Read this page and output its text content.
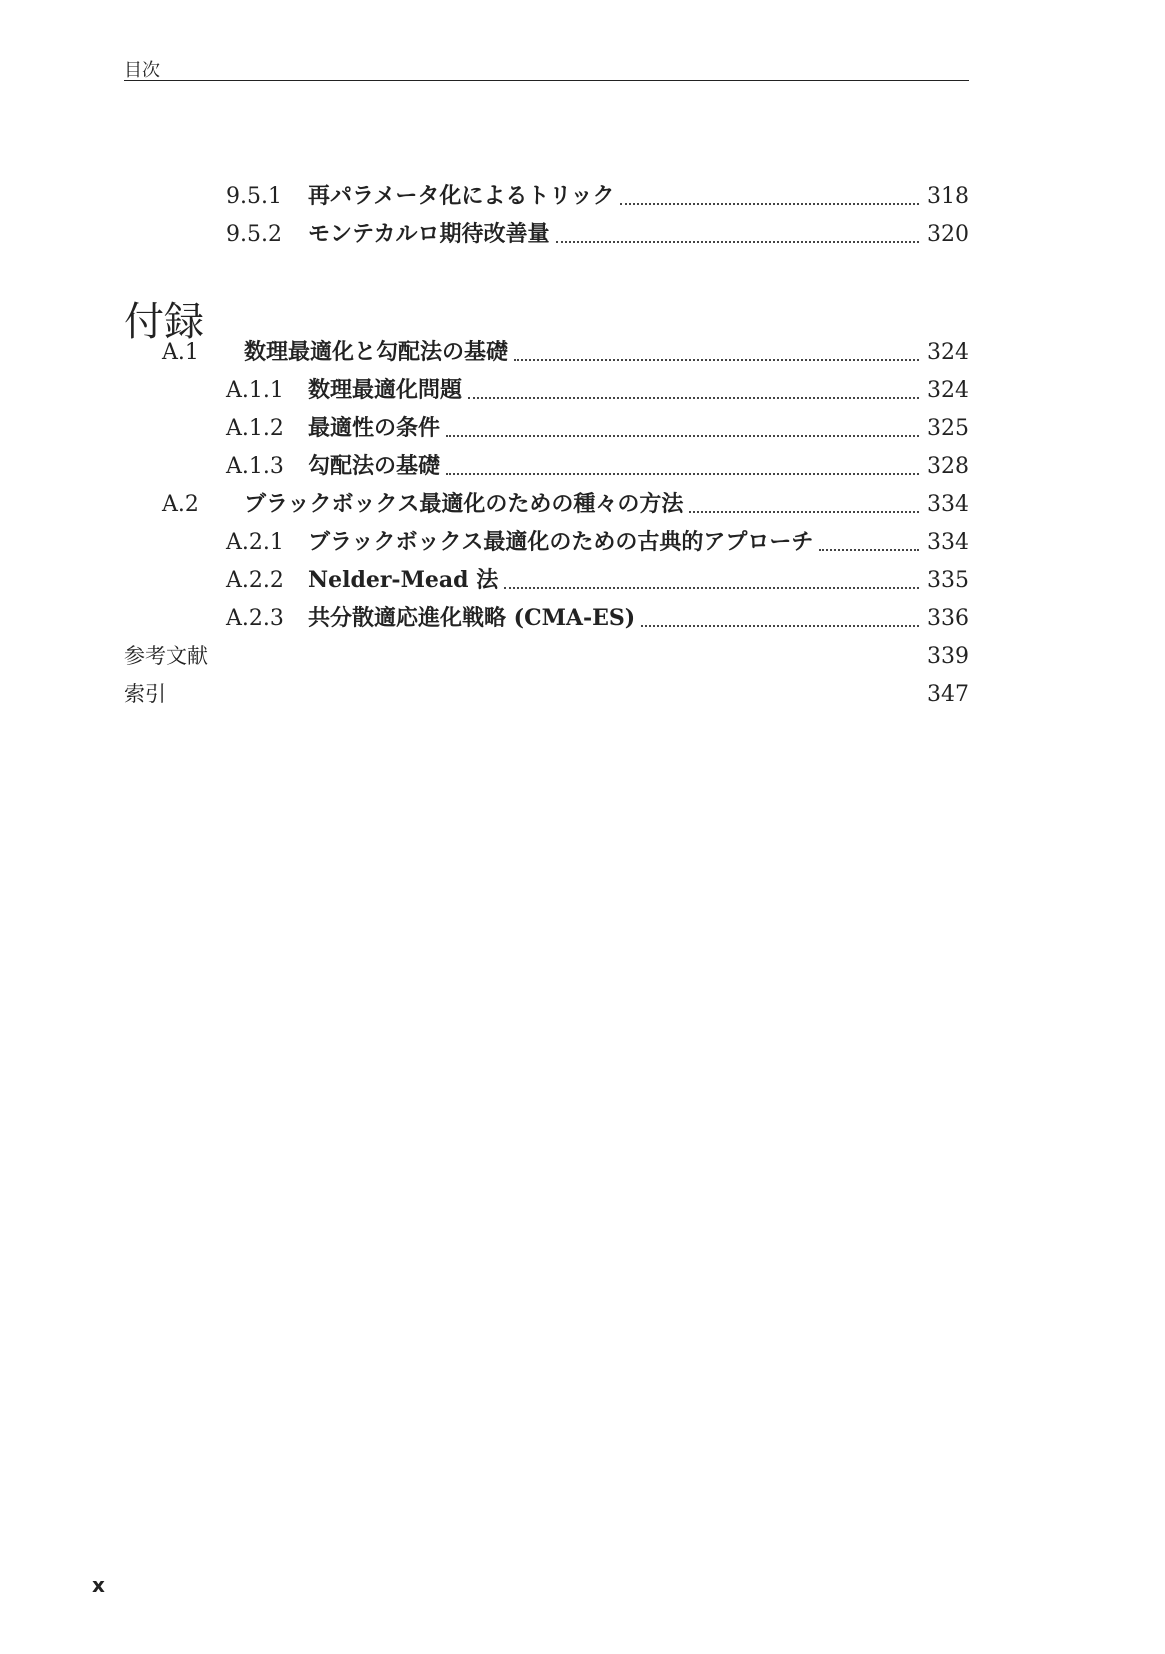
目次
9.5.1	再パラメータ化によるトリック	318
9.5.2	モンテカルロ期待改善量	320
付録
A.1	数理最適化と勾配法の基礎	324
A.1.1	数理最適化問題	324
A.1.2	最適性の条件	325
A.1.3	勾配法の基礎	328
A.2	ブラックボックス最適化のための種々の方法	334
A.2.1	ブラックボックス最適化のための古典的アプローチ	334
A.2.2	Nelder-Mead 法	335
A.2.3	共分散適応進化戦略 (CMA-ES)	336
参考文献	339
索引	347
x
